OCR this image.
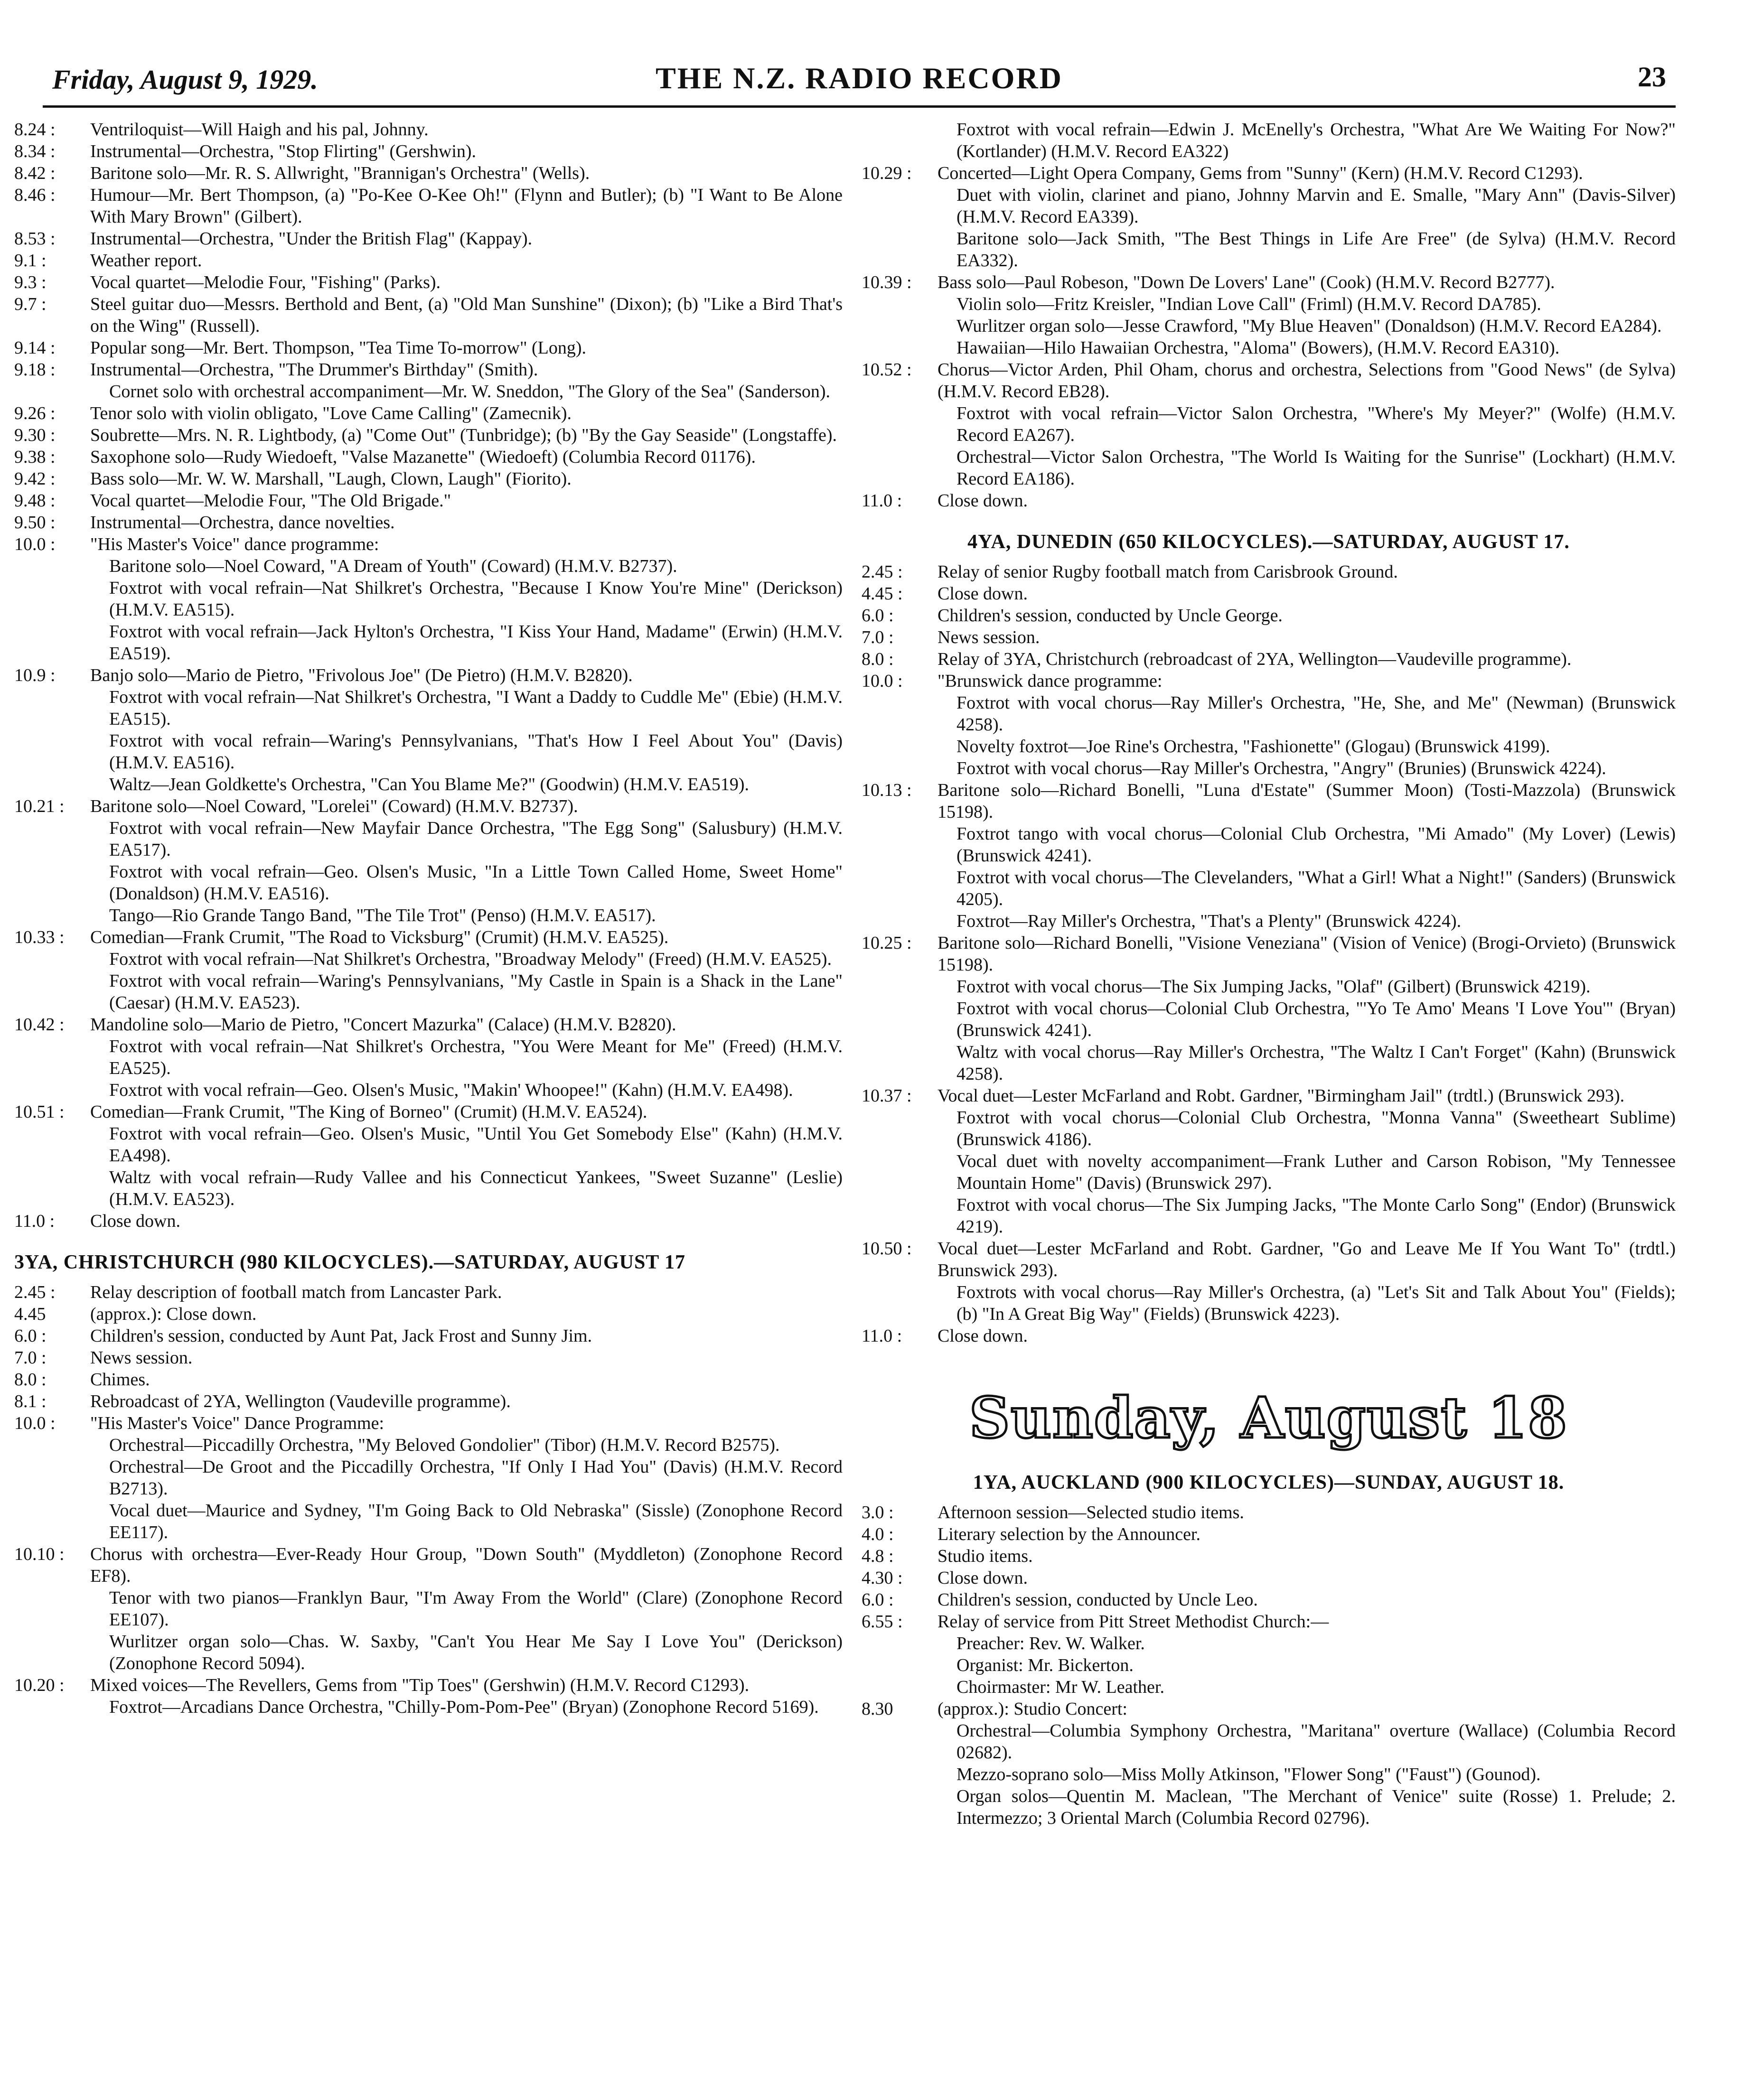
Friday, August 9, 1929.	THE N.Z. RADIO RECORD	23
8.24 :	Ventriloquist—Will Haigh and his pal, Johnny.
8.34 :	Instrumental—Orchestra, "Stop Flirting" (Gershwin).
8.42 :	Baritone solo—Mr. R. S. Allwright, "Brannigan's Orchestra" (Wells).
8.46 :	Humour—Mr. Bert Thompson, (a) "Po-Kee O-Kee Oh!" (Flynn and Butler); (b) "I Want to Be Alone With Mary Brown" (Gilbert).
8.53 :	Instrumental—Orchestra, "Under the British Flag" (Kappay).
9.1 :	Weather report.
9.3 :	Vocal quartet—Melodie Four, "Fishing" (Parks).
9.7 :	Steel guitar duo—Messrs. Berthold and Bent, (a) "Old Man Sunshine" (Dixon); (b) "Like a Bird That's on the Wing" (Russell).
9.14 :	Popular song—Mr. Bert. Thompson, "Tea Time To-morrow" (Long).
9.18 :	Instrumental—Orchestra, "The Drummer's Birthday" (Smith).
Cornet solo with orchestral accompaniment—Mr. W. Sneddon, "The Glory of the Sea" (Sanderson).
9.26 :	Tenor solo with violin obligato, "Love Came Calling" (Zamecnik).
9.30 :	Soubrette—Mrs. N. R. Lightbody, (a) "Come Out" (Tunbridge); (b) "By the Gay Seaside" (Longstaffe).
9.38 :	Saxophone solo—Rudy Wiedoeft, "Valse Mazanette" (Wiedoeft) (Columbia Record 01176).
9.42 :	Bass solo—Mr. W. W. Marshall, "Laugh, Clown, Laugh" (Fiorito).
9.48 :	Vocal quartet—Melodie Four, "The Old Brigade."
9.50 :	Instrumental—Orchestra, dance novelties.
10.0 :	"His Master's Voice" dance programme:
Baritone solo—Noel Coward, "A Dream of Youth" (Coward) (H.M.V. B2737).
Foxtrot with vocal refrain—Nat Shilkret's Orchestra, "Because I Know You're Mine" (Derickson) (H.M.V. EA515).
Foxtrot with vocal refrain—Jack Hylton's Orchestra, "I Kiss Your Hand, Madame" (Erwin) (H.M.V. EA519).
10.9 :	Banjo solo—Mario de Pietro, "Frivolous Joe" (De Pietro) (H.M.V. B2820).
Foxtrot with vocal refrain—Nat Shilkret's Orchestra, "I Want a Daddy to Cuddle Me" (Ebie) (H.M.V. EA515).
Foxtrot with vocal refrain—Waring's Pennsylvanians, "That's How I Feel About You" (Davis) (H.M.V. EA516).
Waltz—Jean Goldkette's Orchestra, "Can You Blame Me?" (Goodwin) (H.M.V. EA519).
10.21 :	Baritone solo—Noel Coward, "Lorelei" (Coward) (H.M.V. B2737).
Foxtrot with vocal refrain—New Mayfair Dance Orchestra, "The Egg Song" (Salusbury) (H.M.V. EA517).
Foxtrot with vocal refrain—Geo. Olsen's Music, "In a Little Town Called Home, Sweet Home" (Donaldson) (H.M.V. EA516).
Tango—Rio Grande Tango Band, "The Tile Trot" (Penso) (H.M.V. EA517).
10.33 :	Comedian—Frank Crumit, "The Road to Vicksburg" (Crumit) (H.M.V. EA525).
Foxtrot with vocal refrain—Nat Shilkret's Orchestra, "Broadway Melody" (Freed) (H.M.V. EA525).
Foxtrot with vocal refrain—Waring's Pennsylvanians, "My Castle in Spain is a Shack in the Lane" (Caesar) (H.M.V. EA523).
10.42 :	Mandoline solo—Mario de Pietro, "Concert Mazurka" (Calace) (H.M.V. B2820).
Foxtrot with vocal refrain—Nat Shilkret's Orchestra, "You Were Meant for Me" (Freed) (H.M.V. EA525).
Foxtrot with vocal refrain—Geo. Olsen's Music, "Makin' Whoopee!" (Kahn) (H.M.V. EA498).
10.51 :	Comedian—Frank Crumit, "The King of Borneo" (Crumit) (H.M.V. EA524).
Foxtrot with vocal refrain—Geo. Olsen's Music, "Until You Get Somebody Else" (Kahn) (H.M.V. EA498).
Waltz with vocal refrain—Rudy Vallee and his Connecticut Yankees, "Sweet Suzanne" (Leslie) (H.M.V. EA523).
11.0 :	Close down.
3YA, CHRISTCHURCH (980 KILOCYCLES).—SATURDAY, AUGUST 17
2.45 :	Relay description of football match from Lancaster Park.
4.45	(approx.): Close down.
6.0 :	Children's session, conducted by Aunt Pat, Jack Frost and Sunny Jim.
7.0 :	News session.
8.0 :	Chimes.
8.1 :	Rebroadcast of 2YA, Wellington (Vaudeville programme).
10.0 :	"His Master's Voice" Dance Programme:
Orchestral—Piccadilly Orchestra, "My Beloved Gondolier" (Tibor) (H.M.V. Record B2575).
Orchestral—De Groot and the Piccadilly Orchestra, "If Only I Had You" (Davis) (H.M.V. Record B2713).
Vocal duet—Maurice and Sydney, "I'm Going Back to Old Nebraska" (Sissle) (Zonophone Record EE117).
10.10 :	Chorus with orchestra—Ever-Ready Hour Group, "Down South" (Myddleton) (Zonophone Record EF8).
Tenor with two pianos—Franklyn Baur, "I'm Away From the World" (Clare) (Zonophone Record EE107).
Wurlitzer organ solo—Chas. W. Saxby, "Can't You Hear Me Say I Love You" (Derickson) (Zonophone Record 5094).
10.20 :	Mixed voices—The Revellers, Gems from "Tip Toes" (Gershwin) (H.M.V. Record C1293).
Foxtrot—Arcadians Dance Orchestra, "Chilly-Pom-Pom-Pee" (Bryan) (Zonophone Record 5169).
Foxtrot with vocal refrain—Edwin J. McEnelly's Orchestra, "What Are We Waiting For Now?" (Kortlander) (H.M.V. Record EA322)
10.29 :	Concerted—Light Opera Company, Gems from "Sunny" (Kern) (H.M.V. Record C1293).
Duet with violin, clarinet and piano, Johnny Marvin and E. Smalle, "Mary Ann" (Davis-Silver) (H.M.V. Record EA339).
Baritone solo—Jack Smith, "The Best Things in Life Are Free" (de Sylva) (H.M.V. Record EA332).
10.39 :	Bass solo—Paul Robeson, "Down De Lovers' Lane" (Cook) (H.M.V. Record B2777).
Violin solo—Fritz Kreisler, "Indian Love Call" (Friml) (H.M.V. Record DA785).
Wurlitzer organ solo—Jesse Crawford, "My Blue Heaven" (Donaldson) (H.M.V. Record EA284).
Hawaiian—Hilo Hawaiian Orchestra, "Aloma" (Bowers), (H.M.V. Record EA310).
10.52 :	Chorus—Victor Arden, Phil Oham, chorus and orchestra, Selections from "Good News" (de Sylva) (H.M.V. Record EB28).
Foxtrot with vocal refrain—Victor Salon Orchestra, "Where's My Meyer?" (Wolfe) (H.M.V. Record EA267).
Orchestral—Victor Salon Orchestra, "The World Is Waiting for the Sunrise" (Lockhart) (H.M.V. Record EA186).
11.0 :	Close down.
4YA, DUNEDIN (650 KILOCYCLES).—SATURDAY, AUGUST 17.
2.45 :	Relay of senior Rugby football match from Carisbrook Ground.
4.45 :	Close down.
6.0 :	Children's session, conducted by Uncle George.
7.0 :	News session.
8.0 :	Relay of 3YA, Christchurch (rebroadcast of 2YA, Wellington—Vaudeville programme).
10.0 :	"Brunswick dance programme:
Foxtrot with vocal chorus—Ray Miller's Orchestra, "He, She, and Me" (Newman) (Brunswick 4258).
Novelty foxtrot—Joe Rine's Orchestra, "Fashionette" (Glogau) (Brunswick 4199).
Foxtrot with vocal chorus—Ray Miller's Orchestra, "Angry" (Brunies) (Brunswick 4224).
10.13 :	Baritone solo—Richard Bonelli, "Luna d'Estate" (Summer Moon) (Tosti-Mazzola) (Brunswick 15198).
Foxtrot tango with vocal chorus—Colonial Club Orchestra, "Mi Amado" (My Lover) (Lewis) (Brunswick 4241).
Foxtrot with vocal chorus—The Clevelanders, "What a Girl! What a Night!" (Sanders) (Brunswick 4205).
Foxtrot—Ray Miller's Orchestra, "That's a Plenty" (Brunswick 4224).
10.25 :	Baritone solo—Richard Bonelli, "Visione Veneziana" (Vision of Venice) (Brogi-Orvieto) (Brunswick 15198).
Foxtrot with vocal chorus—The Six Jumping Jacks, "Olaf" (Gilbert) (Brunswick 4219).
Foxtrot with vocal chorus—Colonial Club Orchestra, "'Yo Te Amo' Means 'I Love You'" (Bryan) (Brunswick 4241).
Waltz with vocal chorus—Ray Miller's Orchestra, "The Waltz I Can't Forget" (Kahn) (Brunswick 4258).
10.37 :	Vocal duet—Lester McFarland and Robt. Gardner, "Birmingham Jail" (trdtl.) (Brunswick 293).
Foxtrot with vocal chorus—Colonial Club Orchestra, "Monna Vanna" (Sweetheart Sublime) (Brunswick 4186).
Vocal duet with novelty accompaniment—Frank Luther and Carson Robison, "My Tennessee Mountain Home" (Davis) (Brunswick 297).
Foxtrot with vocal chorus—The Six Jumping Jacks, "The Monte Carlo Song" (Endor) (Brunswick 4219).
10.50 :	Vocal duet—Lester McFarland and Robt. Gardner, "Go and Leave Me If You Want To" (trdtl.) Brunswick 293).
Foxtrots with vocal chorus—Ray Miller's Orchestra, (a) "Let's Sit and Talk About You" (Fields); (b) "In A Great Big Way" (Fields) (Brunswick 4223).
11.0 :	Close down.
Sunday, August 18
1YA, AUCKLAND (900 KILOCYCLES)—SUNDAY, AUGUST 18.
3.0 :	Afternoon session—Selected studio items.
4.0 :	Literary selection by the Announcer.
4.8 :	Studio items.
4.30 :	Close down.
6.0 :	Children's session, conducted by Uncle Leo.
6.55 :	Relay of service from Pitt Street Methodist Church:—
Preacher: Rev. W. Walker.
Organist: Mr. Bickerton.
Choirmaster: Mr W. Leather.
8.30	(approx.): Studio Concert:
Orchestral—Columbia Symphony Orchestra, "Maritana" overture (Wallace) (Columbia Record 02682).
Mezzo-soprano solo—Miss Molly Atkinson, "Flower Song" ("Faust") (Gounod).
Organ solos—Quentin M. Maclean, "The Merchant of Venice" suite (Rosse) 1. Prelude; 2. Intermezzo; 3 Oriental March (Columbia Record 02796).
